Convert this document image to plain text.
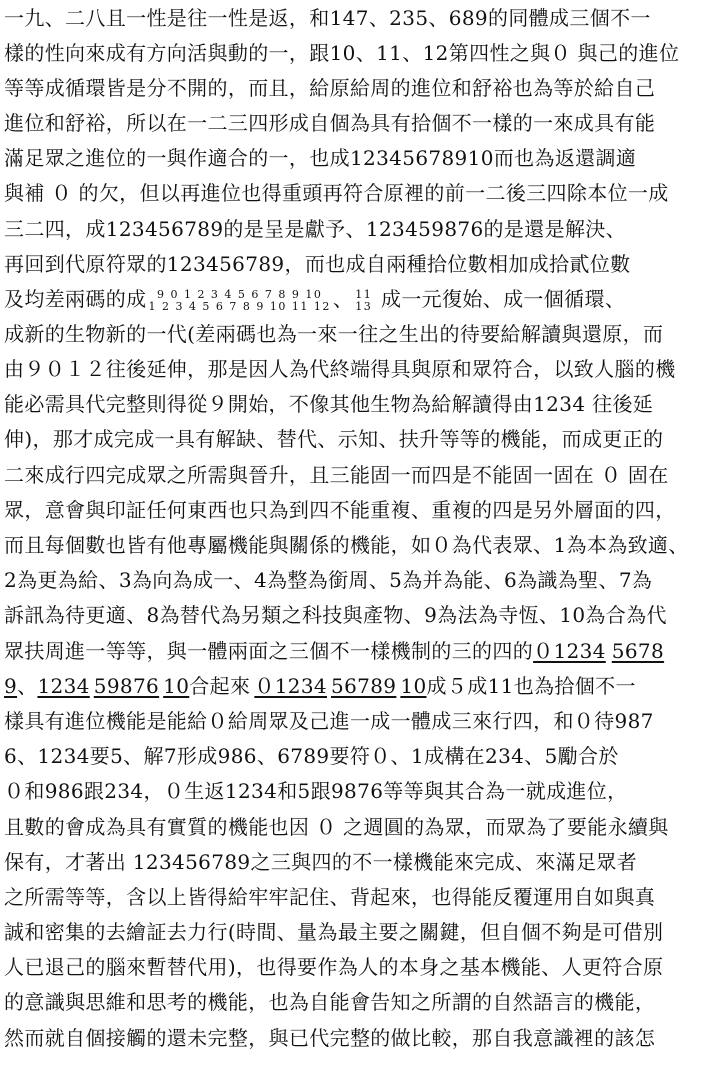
一九、二八且一性是往一性是返，和147、235、689的同體成三個不一
樣的性向來成有方向活與動的一，跟10、11、12第四性之與０ 與己的進位
等等成循環皆是分不開的，而且，給原給周的進位和舒裕也為等於給自己
進位和舒裕，所以在一二三四形成自個為具有拾個不一樣的一來成具有能
滿足眾之進位的一與作適合的一，也成12345678910而也為返還調適
與補 ０ 的欠，但以再進位也得重頭再符合原裡的前一二後三四除本位一成
三二四，成123456789的是呈是獻予、123459876的是還是解決、
再回到代原符眾的123456789，而也成自兩種拾位數相加成拾貳位數
及均差兩碼的成 9 0 1 2 3 4 5 6 7 8 9 10
1 2 3 4 5 6 7 8 9 10 11 12 、 11
13 成一元復始、成一個循環、
成新的生物新的一代(差兩碼也為一來一往之生出的待要給解讀與還原，而
由９０１２往後延伸，那是因人為代終端得具與原和眾符合，以致人腦的機
能必需具代完整則得從９開始，不像其他生物為給解讀得由1234 往後延
伸)，那才成完成一具有解缺、替代、示知、扶升等等的機能，而成更正的
二來成行四完成眾之所需與晉升，且三能固一而四是不能固一固在 ０ 固在
眾，意會與印証任何東西也只為到四不能重複、重複的四是另外層面的四，
而且每個數也皆有他專屬機能與關係的機能，如０為代表眾、1為本為致適、
2為更為給、3為向為成一、4為整為銜周、5為并為能、6為識為聖、7為
訴訊為待更適、8為替代為另類之科技與產物、9為法為寺恆、10為合為代
眾扶周進一等等，與一體兩面之三個不一樣機制的三的四的０1234 5678
9、1234 59876 10合起來 ０1234 56789 10成５成11也為拾個不一
樣具有進位機能是能給０給周眾及己進一成一體成三來行四，和０待987
6、1234要5、解7形成986、6789要符０、1成構在234、5勵合於
０和986跟234，０生返1234和5跟9876等等與其合為一就成進位，
且數的會成為具有實質的機能也因 ０ 之週圓的為眾，而眾為了要能永續與
保有，才著出 123456789之三與四的不一樣機能來完成、來滿足眾者
之所需等等，含以上皆得給牢牢記住、背起來，也得能反覆運用自如與真
誠和密集的去繪証去力行(時間、量為最主要之關鍵，但自個不夠是可借別
人已退己的腦來暫替代用)，也得要作為人的本身之基本機能、人更符合原
的意識與思維和思考的機能，也為自能會告知之所謂的自然語言的機能，
然而就自個接觸的還未完整，與已代完整的做比較，那自我意識裡的該怎
